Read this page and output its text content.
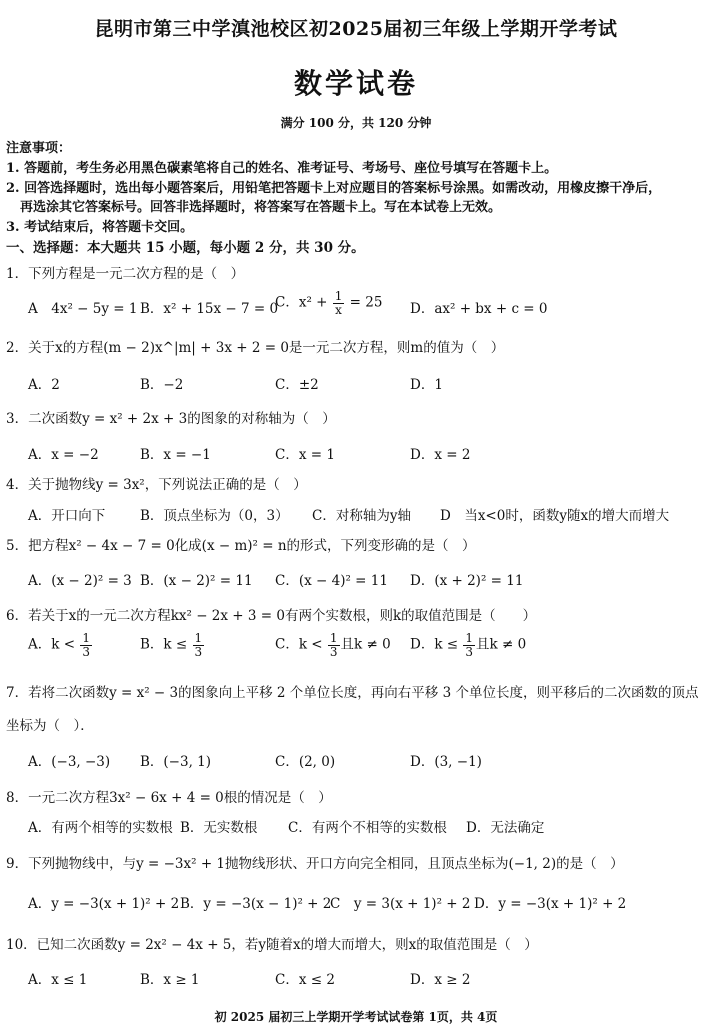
昆明市第三中学滇池校区初2025届初三年级上学期开学考试
数学试卷
满分 100 分，共 120 分钟
注意事项：
1. 答题前，考生务必用黑色碳素笔将自己的姓名、准考证号、考场号、座位号填写在答题卡上。
2. 回答选择题时，选出每小题答案后，用铅笔把答题卡上对应题目的答案标号涂黑。如需改动，用橡皮擦干净后，
再选涂其它答案标号。回答非选择题时，将答案写在答题卡上。写在本试卷上无效。
3. 考试结束后，将答题卡交回。
一、选择题：本大题共 15 小题，每小题 2 分，共 30 分。
1．下列方程是一元二次方程的是（　）
A　4x² − 5y = 1 B．x² + 15x − 7 = 0
C．$x^2 + \frac{1}{x} = 25$ D．ax² + bx + c = 0
2．关于x的方程(m − 2)x^|m| + 3x + 2 = 0是一元二次方程，则m的值为（　）
A．2	B．−2	C．±2	D．1
3．二次函数y = x² + 2x + 3的图象的对称轴为（　）
A．x = −2	B．x = −1	C．x = 1	D．x = 2
4．关于抛物线y = 3x²，下列说法正确的是（　）
A．开口向下	B．顶点坐标为（0，3） C．对称轴为y轴 D　当x<0时，函数y随x的增大而增大
5．把方程x² − 4x − 7 = 0化成(x − m)² = n的形式，下列变形确的是（　）
A．(x − 2)² = 3 B．(x − 2)² = 11 C．(x − 4)² = 11 D．(x + 2)² = 11
6．若关于x的一元二次方程kx² − 2x + 3 = 0有两个实数根，则k的取值范围是（　　）
A．$k < \frac{1}{3}$	B．$k \le \frac{1}{3}$	C．$k < \frac{1}{3}$ 且k ≠ 0 D．$k \le \frac{1}{3}$ 且k ≠ 0
7．若将二次函数y = x² − 3的图象向上平移 2 个单位长度，再向右平移 3 个单位长度，则平移后的二次函数的顶点
坐标为（　）．
A．(−3, −3) B．(−3, 1)	C．(2, 0)	D．(3, −1)
8．一元二次方程3x² − 6x + 4 = 0根的情况是（　）
A．有两个相等的实数根 B．无实数根 C．有两个不相等的实数根 D．无法确定
9．下列抛物线中，与y = −3x² + 1抛物线形状、开口方向完全相同，且顶点坐标为(−1, 2)的是（　）
A．y = −3(x + 1)² + 2 B．y = −3(x − 1)² + 2
C　y = 3(x + 1)² + 2 D．y = −3(x + 1)² + 2
10．已知二次函数y = 2x² − 4x + 5，若y随着x的增大而增大，则x的取值范围是（　）
A．x ≤ 1	B．x ≥ 1	C．x ≤ 2	D．x ≥ 2
初 2025 届初三上学期开学考试试卷第 1页，共 4页
